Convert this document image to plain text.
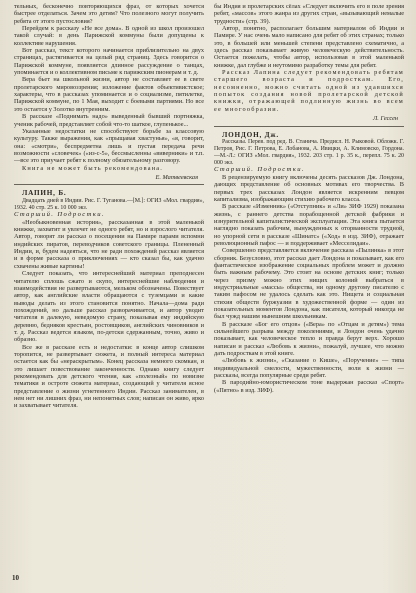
тельных, бесконечно повторяющихся фраз, от которых хочется быстрее отделаться. Зачем это детям? Что полезного могут получить ребята от этого пустословия?

Перейдем к рассказу «Не все дома». В одной из школ произошел такой случай: в день Парижской коммуны были допущены к коллективе нарушения.

Вот рассказ, текст которого начинается приблизительно на двух страницах, растягивается на целый ряд страниц. Здесь говорится о Парижской коммуне, появляется длинное рассуждение о танцах, упоминается и о коллективном письме к парижским пионерам и т. д.

Вера бьет на школьной жизни, автор не составляет ее в свете пролетарского мировоззрения; изложение фактов объективистское; характеры, что в рассказах упоминается и о социализме, пятилетке, Парижской коммуне, по 1 Мая, выходит с боевыми партиями. Но все это остается у Золотко внутренним.

В рассказе «Поднимать надо» выведенный бывший портняжка, ученик рабочей, представляет собой что-то шаткое, глупенькое...

Указанные недостатки не способствуют борьбе за классовую культуру. Также выражения, как «прыщавая хвастунья», «я, говорит, она: «смотри», беспредметна лишь и пустая передача речи возможности «словечек» («из-с-5», бессмысленны «виверники» и т.п.—все это приучает ребят к полному обязательному разговору.

Книга не может быть рекомендована.

Е. Матвеевская

ЛАПИН, Б.

Двадцать дней в Индии. Рис. Г. Туганова.—[М.]: ОГИЗ «Мол. гвардия», 1932. 40 стр. 25 к. 10 000 экз.

Старший. Подростки.

«Необыкновенная история», рассказанная в этой маленькой книжке, захватит и увлечет не одного ребят, но и взрослого читателя. Автор, говорят ли рассказ о посещении на Памире парами вспомни индийских пиратов, переводчиков советского границы. Плененный Индии, и, будем надеяться, что не ради похождений рассказ является и в форме рассказа о приключениях — кто сказал бы, как удачно схвачены живые картины!

Следует показать, что интереснейший материал преподнесен читателю сплошь сжато и скупо, интереснейшие наблюдения и взаимодействия не развертываются, мельком обозначены. Повествует автор, как английские власти обращаются с туземцами и какие выводы делать из этого становится понятно. Начала—дома ради похождений, но дальше рассказ разворачивается, и автор уводит читателя в далекую, неведомую страну, показывая ему индийскую деревню, бедняков крестьян, ростовщиков, английских чиновников и т. д. Рассказ ведется языком, по-детски сдержанным, точно, живо и образно.

Все же в рассказе есть и недостатки: в конце автор слишком торопится, не развертывает сюжета, и полный интереса материал остается как бы «нераскрытым». Конец рассказа немного скомкан, и это лишает повествование законченности. Однако книгу следует рекомендовать для детского чтения, как «полезный» по новизне тематики и остроте сюжета материал, создающий у читателя ясное представление о жизни угнетенного Индии. Рассказ занимателен, в нем нет ни лишних фраз, ни непонятных слов; написан он живо, ярко и захватывает читателя.

бы Индия и пролетарских сёлах «Следует включить его в поле зрения ребят, «массов» этого жанра из других стран, «вызывающий немалые трудности» (стр. 39).

Автор, понятно, располагает большим материалом об Индии и Памире. У нас очень мало написано для ребят об этих странах; только это, в большей или меньшей степени представлено схематично, а здесь рассказ показывает живую человеческую действительность. Остается пожелать, чтобы автор, использовав в этой маленькой книжке, дал глубже и неутомимо разработку темы для ребят.

Рассказ Лапина следует рекомендовать ребятам старшего возраста и подросткам. Его, несомненно, можно считать одной из удавшихся попыток создания новой пролетарской детской книжки, отражающей подлинную жизнь во всем ее многообразии.

Л. Гессен

ЛОНДОН, Дж.

Рассказы. Перев. под ред. В. Станича. Предисл. Н. Рыковой. Обложк. Г. Петров, Рис. Г. Петрова, Е. Лобанова, А. Ивицки, А. Климовско, Гордона.—М.-Л.: ОГИЗ «Мол. гвардия», 1932. 203 стр. 1 р. 35 к., перепл. 75 к. 20 000 экз.

Старший. Подростки.

В рецензируемую книгу включены десять рассказов Дж. Лондона, дающих представление об основных мотивах его творчества. В первых трех рассказах Лондон является искренним певцом капитализма, изображающим стихию рабочего класса.

В рассказе «Изменник» («Отступник» и «Ли» ЗИФ 1929) показана жизнь, с раннего детства порабощенной детской фабрики и изнурительной капиталистической эксплуатации. Эта книга пытается наглядно показать рабочим, вынужденных к оторванности трудной, но упорной сети в рассказе «Шинатс» («Ход» в изд. ЗИФ), отражает революционный пафос — и поддерживает «Месселидаи».

Совершенно представляется включение рассказа «Пылинка» в этот сборник. Безусловно, этот рассказ дает Лондона и показывает, как его фантастическое изображение социальных проблем может и должно быть важным рабочему. Это стоит на основе детских книг; только через призму можно этих нищих колоний выбраться в индустриальные «массы» общества, ни одному другому писателю с таким пафосом не удалось сделать как это. Нищета и социальная стихия обществ буржуазии в художественной форме — один из показательных моментов Лондона, как писателя, который никогда не был чужд нашим нынешним школьникам.

В рассказе «Бог его отцов» («Вера» по «Отцам и детям») тема сильнейшего разрыва между поколениями, и Лондон очень удачно показывает, как человеческое тепло и правда берут верх. Хорошо написан и рассказ «Любовь к жизни», пожалуй, лучшее, что можно дать подросткам в этой книге.

«Любовь к жизни», «Сказание о Кише», «Поручение» — типа индивидуальной смелости, мужественности, воли к жизни — рассказы, всегда популярные среди ребят.

В пародийно-юмористическом тоне выдержан рассказ «Спорт» («Пятно» в изд. ЗИФ).

10
